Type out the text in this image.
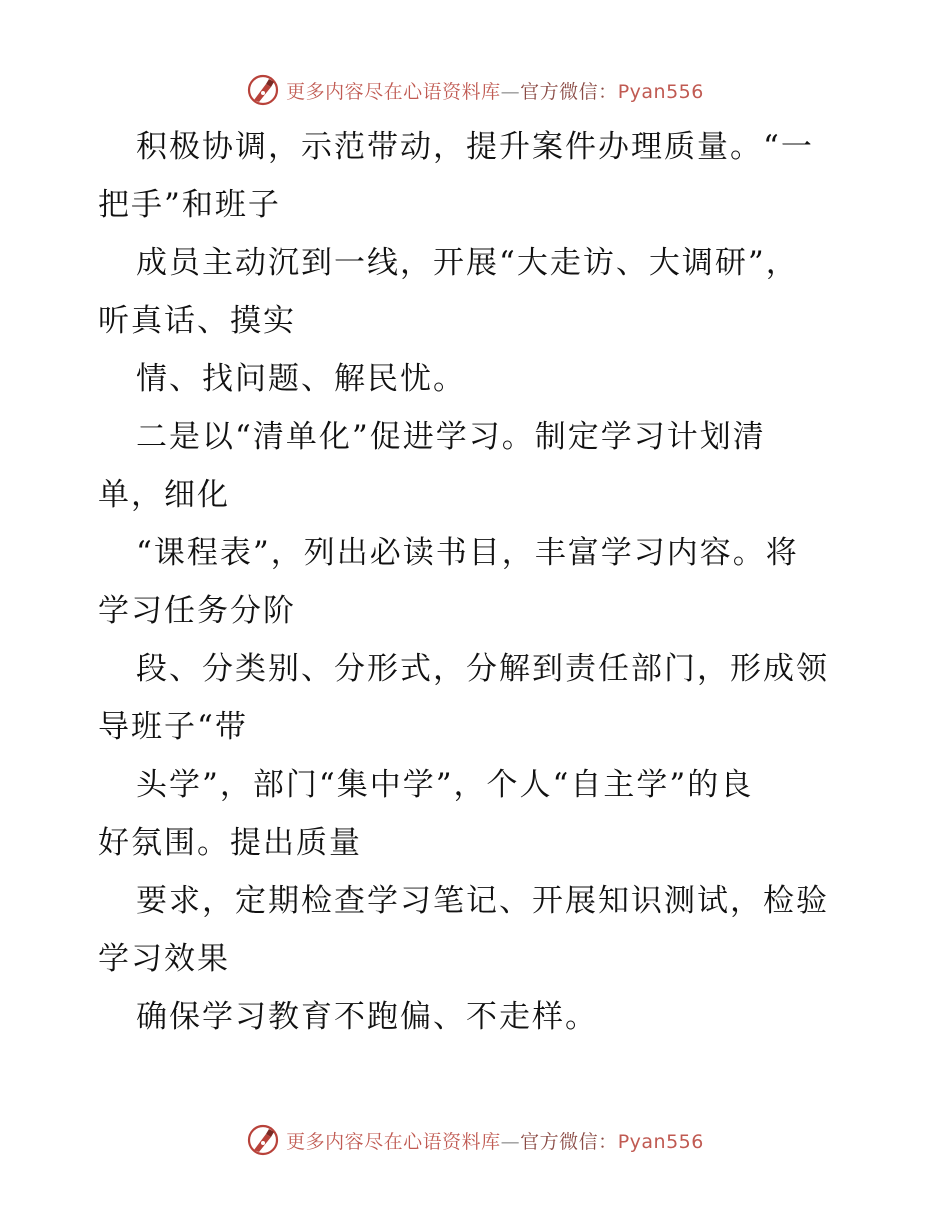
更多内容尽在心语资料库—官方微信：Pyan556
积极协调，示范带动，提升案件办理质量。“一
把手”和班子
成员主动沉到一线，开展“大走访、大调研”，
听真话、摸实
情、找问题、解民忧。
二是以“清单化”促进学习。制定学习计划清
单，细化
“课程表”，列出必读书目，丰富学习内容。将
学习任务分阶
段、分类别、分形式，分解到责任部门，形成领
导班子“带
头学”，部门“集中学”，个人“自主学”的良
好氛围。提出质量
要求，定期检查学习笔记、开展知识测试，检验
学习效果
确保学习教育不跑偏、不走样。
更多内容尽在心语资料库—官方微信：Pyan556
